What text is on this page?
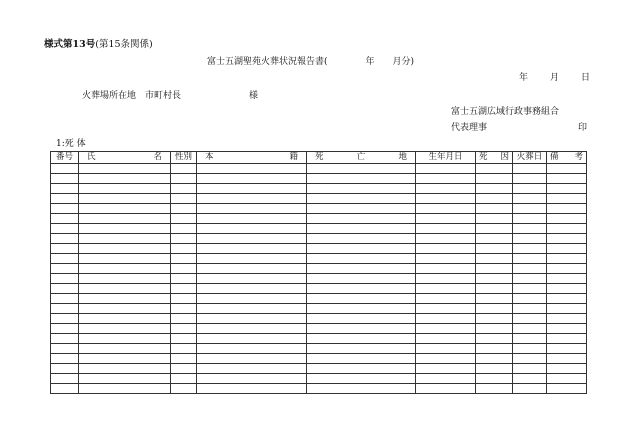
様式第13号(第15条関係)
富士五湖聖苑火葬状況報告書(	年 月分)
年 月 日
火葬場所在地 市町村長	様
富士五湖広域行政事務組合
代表理事	印
1:死 体
番号	氏 名	性別	本 籍	死 亡 地	生年月日	死 因	火葬日	備 考
